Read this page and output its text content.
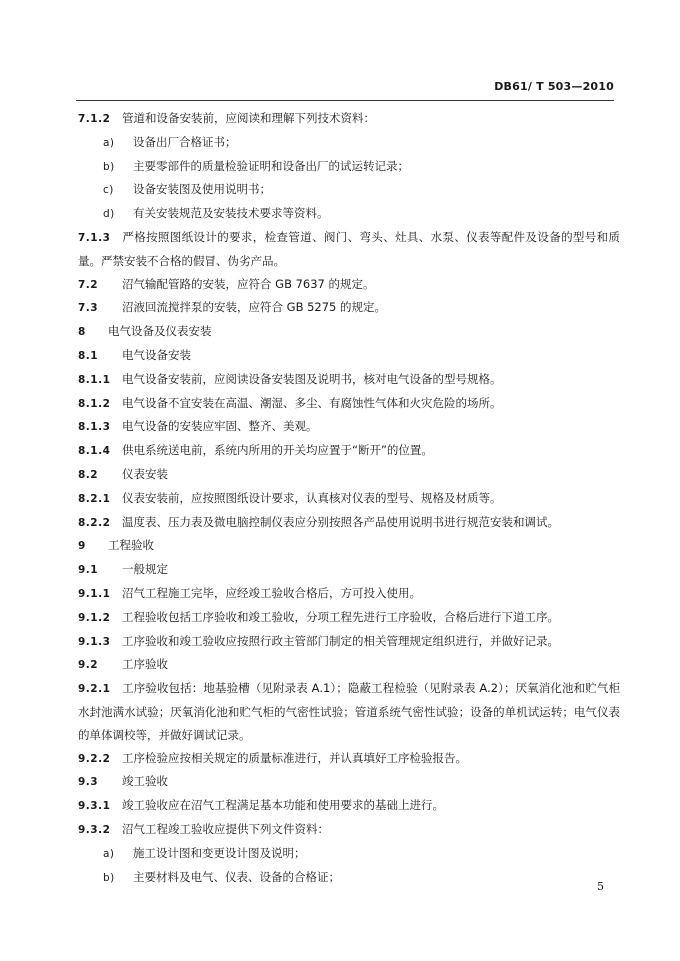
DB61/ T 503—2010
7.1.2 管道和设备安装前，应阅读和理解下列技术资料：
a) 设备出厂合格证书；
b) 主要零部件的质量检验证明和设备出厂的试运转记录；
c) 设备安装图及使用说明书；
d) 有关安装规范及安装技术要求等资料。
7.1.3 严格按照图纸设计的要求，检查管道、阀门、弯头、灶具、水泵、仪表等配件及设备的型号和质量。严禁安装不合格的假冒、伪劣产品。
7.2 沼气输配管路的安装，应符合 GB 7637 的规定。
7.3 沼液回流搅拌泵的安装，应符合 GB 5275 的规定。
8 电气设备及仪表安装
8.1 电气设备安装
8.1.1 电气设备安装前，应阅读设备安装图及说明书，核对电气设备的型号规格。
8.1.2 电气设备不宜安装在高温、潮湿、多尘、有腐蚀性气体和火灾危险的场所。
8.1.3 电气设备的安装应牢固、整齐、美观。
8.1.4 供电系统送电前，系统内所用的开关均应置于“断开”的位置。
8.2 仪表安装
8.2.1 仪表安装前，应按照图纸设计要求，认真核对仪表的型号、规格及材质等。
8.2.2 温度表、压力表及微电脑控制仪表应分别按照各产品使用说明书进行规范安装和调试。
9 工程验收
9.1 一般规定
9.1.1 沼气工程施工完毕，应经竣工验收合格后，方可投入使用。
9.1.2 工程验收包括工序验收和竣工验收，分项工程先进行工序验收，合格后进行下道工序。
9.1.3 工序验收和竣工验收应按照行政主管部门制定的相关管理规定组织进行，并做好记录。
9.2 工序验收
9.2.1 工序验收包括：地基验槽（见附录表 A.1）；隐蔽工程检验（见附录表 A.2）；厌氧消化池和贮气柜水封池满水试验；厌氧消化池和贮气柜的气密性试验；管道系统气密性试验；设备的单机试运转；电气仪表的单体调校等，并做好调试记录。
9.2.2 工序检验应按相关规定的质量标准进行，并认真填好工序检验报告。
9.3 竣工验收
9.3.1 竣工验收应在沼气工程满足基本功能和使用要求的基础上进行。
9.3.2 沼气工程竣工验收应提供下列文件资料：
a) 施工设计图和变更设计图及说明；
b) 主要材料及电气、仪表、设备的合格证；
5
